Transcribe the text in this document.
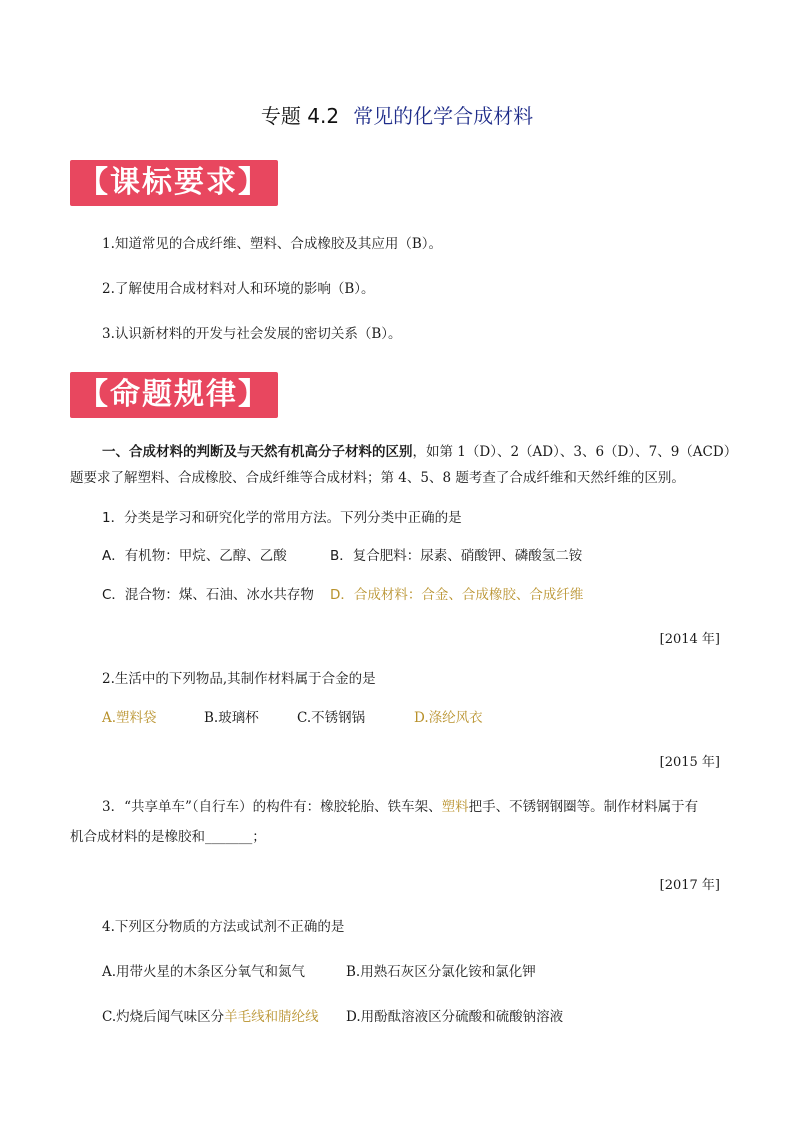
专题 4.2 常见的化学合成材料
【课标要求】
1.知道常见的合成纤维、塑料、合成橡胶及其应用（B）。
2.了解使用合成材料对人和环境的影响（B）。
3.认识新材料的开发与社会发展的密切关系（B）。
【命题规律】
一、合成材料的判断及与天然有机高分子材料的区别，如第 1（D）、2（AD）、3、6（D）、7、9（ACD）
题要求了解塑料、合成橡胶、合成纤维等合成材料；第 4、5、8 题考查了合成纤维和天然纤维的区别。
1．分类是学习和研究化学的常用方法。下列分类中正确的是
A．有机物：甲烷、乙醇、乙酸	B．复合肥料：尿素、硝酸钾、磷酸氢二铵
C．混合物：煤、石油、冰水共存物 D．合成材料：合金、合成橡胶、合成纤维
[2014 年]
2.生活中的下列物品,其制作材料属于合金的是
A.塑料袋	B.玻璃杯	C.不锈钢锅	D.涤纶风衣
[2015 年]
3．“共享单车”（自行车）的构件有：橡胶轮胎、铁车架、塑料把手、不锈钢钢圈等。制作材料属于有
机合成材料的是橡胶和_______；
[2017 年]
4.下列区分物质的方法或试剂不正确的是
A.用带火星的木条区分氧气和氮气	B.用熟石灰区分氯化铵和氯化钾
C.灼烧后闻气味区分羊毛线和腈纶线 D.用酚酞溶液区分硫酸和硫酸钠溶液
